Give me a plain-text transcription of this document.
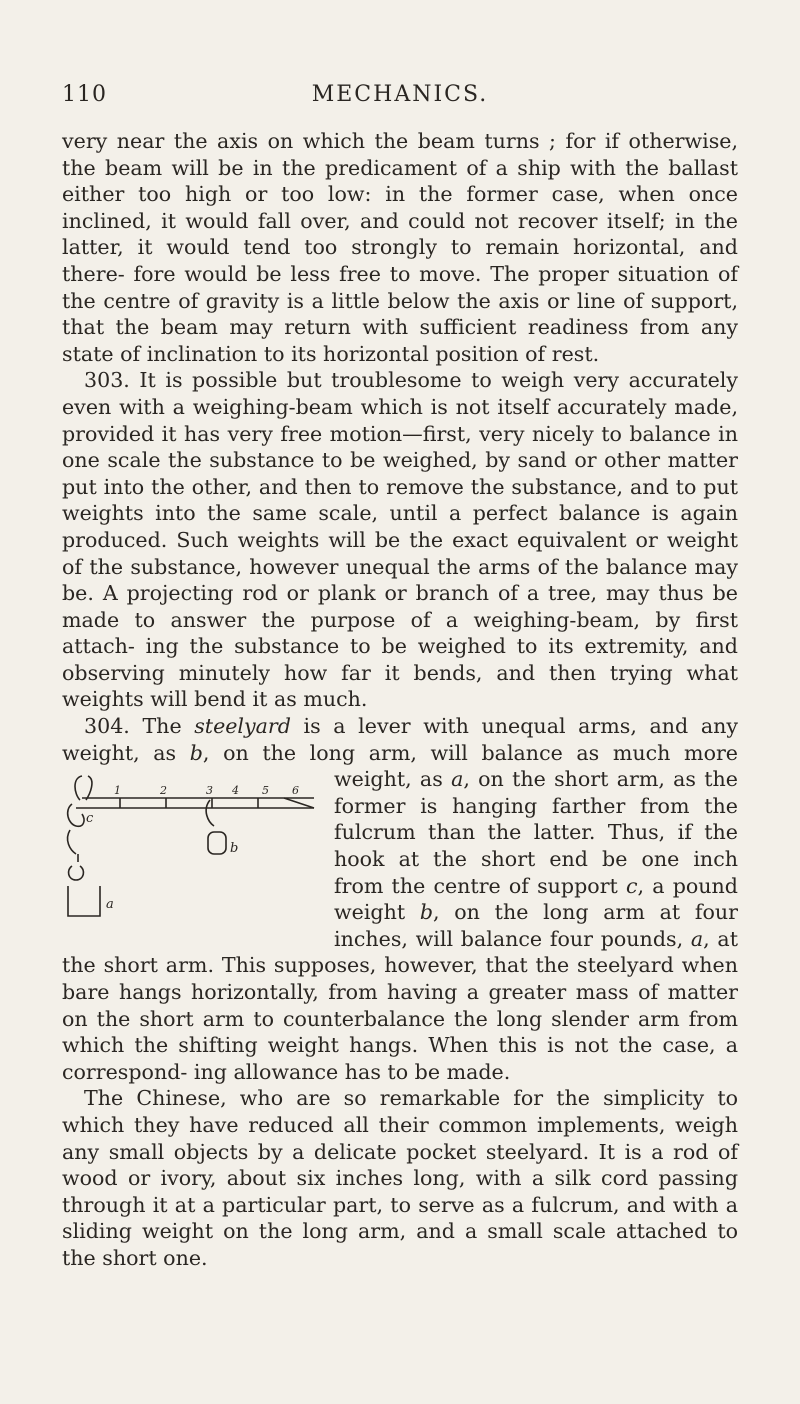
110	MECHANICS.

very near the axis on which the beam turns ; for if otherwise, the beam will be in the predicament of a ship with the ballast either too high or too low: in the former case, when once inclined, it would fall over, and could not recover itself; in the latter, it would tend too strongly to remain horizontal, and there- fore would be less free to move. The proper situation of the centre of gravity is a little below the axis or line of support, that the beam may return with sufficient readiness from any state of inclination to its horizontal position of rest.

303. It is possible but troublesome to weigh very accurately even with a weighing-beam which is not itself accurately made, provided it has very free motion—first, very nicely to balance in one scale the substance to be weighed, by sand or other matter put into the other, and then to remove the substance, and to put weights into the same scale, until a perfect balance is again produced. Such weights will be the exact equivalent or weight of the substance, however unequal the arms of the balance may be. A projecting rod or plank or branch of a tree, may thus be made to answer the purpose of a weighing-beam, by first attach- ing the substance to be weighed to its extremity, and observing minutely how far it bends, and then trying what weights will bend it as much.

304. The steelyard is a lever with unequal arms, and any weight, as b, on the long arm, will balance as much more
1	2	3 4 5 6
c
b
a
weight, as a, on the short arm, as the former is hanging farther from the fulcrum than the latter. Thus, if the hook at the short end be one inch from the centre of support c, a pound weight b, on the long arm at four inches, will balance four pounds, a, at the short arm. This supposes, however, that the steelyard when bare hangs horizontally, from having a greater mass of matter on the short arm to counterbalance the long slender arm from which the shifting weight hangs. When this is not the case, a correspond- ing allowance has to be made.

The Chinese, who are so remarkable for the simplicity to which they have reduced all their common implements, weigh any small objects by a delicate pocket steelyard. It is a rod of wood or ivory, about six inches long, with a silk cord passing through it at a particular part, to serve as a fulcrum, and with a sliding weight on the long arm, and a small scale attached to the short one.
